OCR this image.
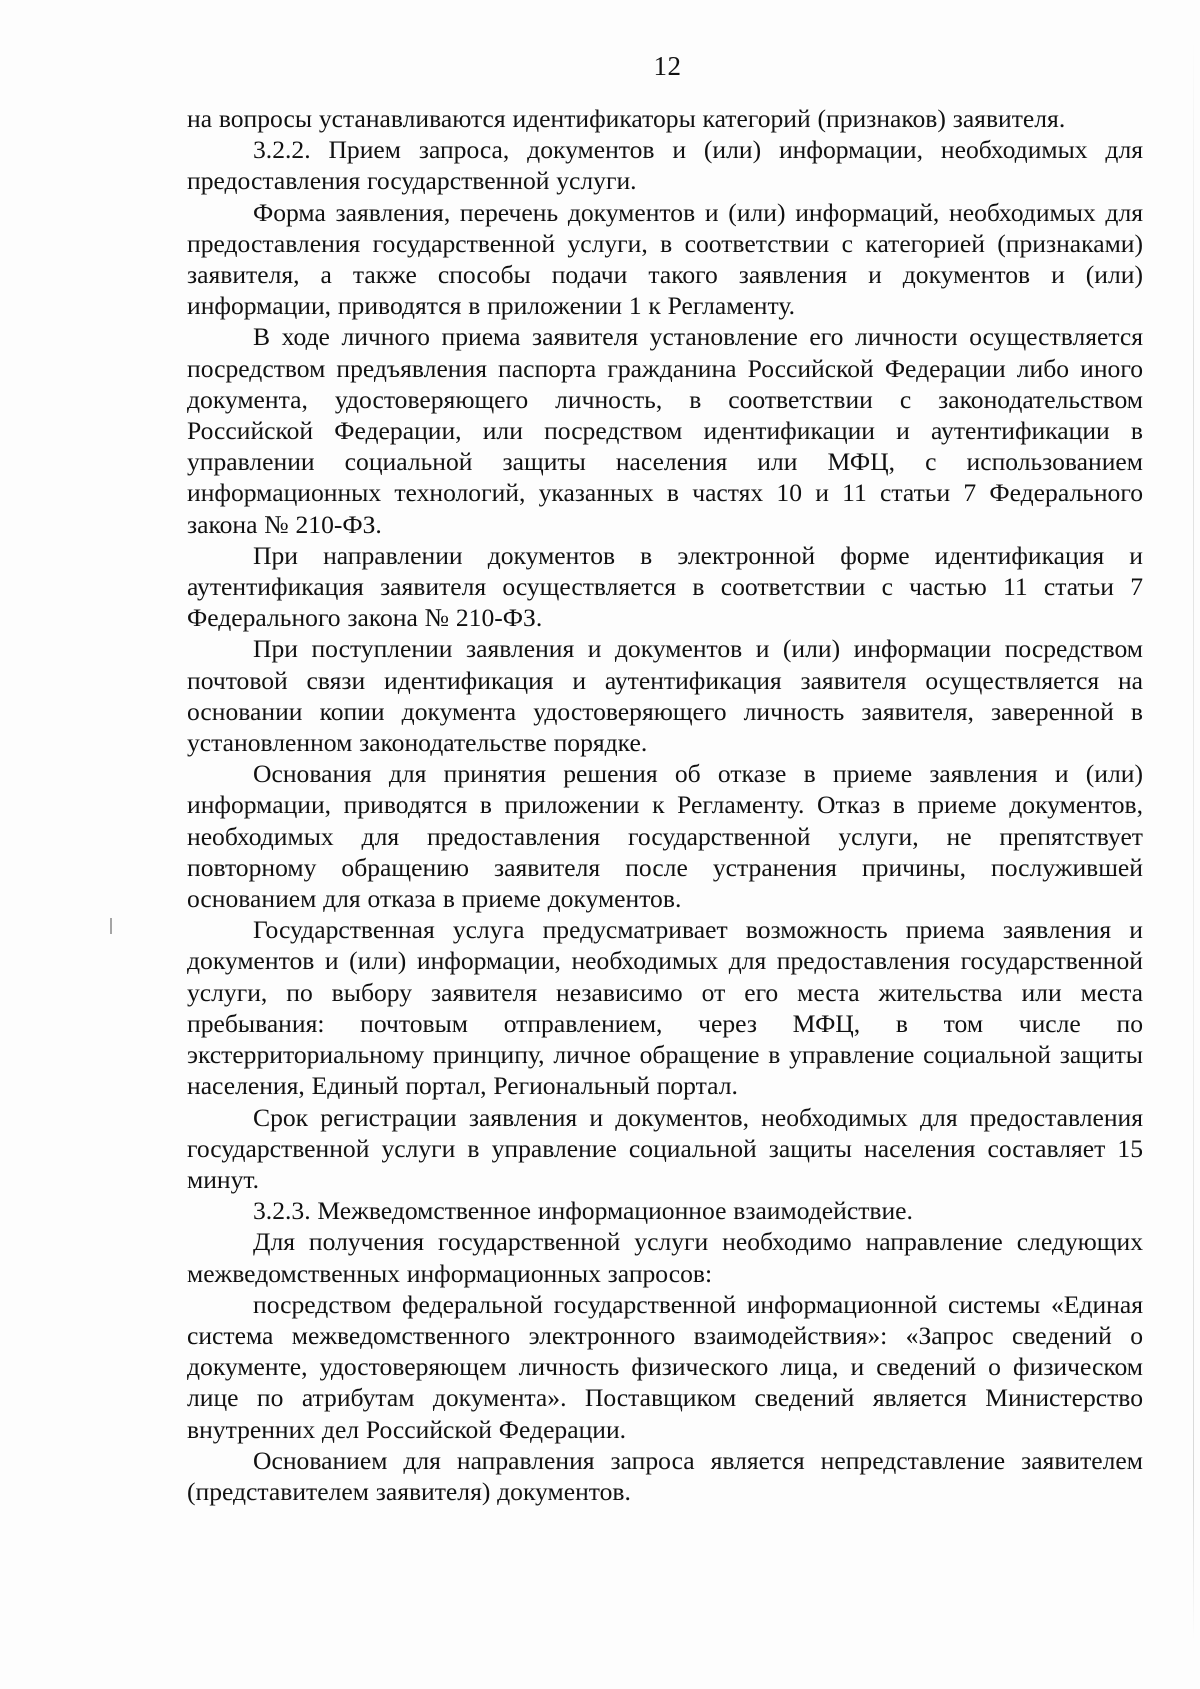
12

на вопросы устанавливаются идентификаторы категорий (признаков) заявителя.

3.2.2. Прием запроса, документов и (или) информации, необходимых для предоставления государственной услуги.

Форма заявления, перечень документов и (или) информаций, необходимых для предоставления государственной услуги, в соответствии с категорией (признаками) заявителя, а также способы подачи такого заявления и документов и (или) информации, приводятся в приложении 1 к Регламенту.

В ходе личного приема заявителя установление его личности осуществляется посредством предъявления паспорта гражданина Российской Федерации либо иного документа, удостоверяющего личность, в соответствии с законодательством Российской Федерации, или посредством идентификации и аутентификации в управлении социальной защиты населения или МФЦ, с использованием информационных технологий, указанных в частях 10 и 11 статьи 7 Федерального закона № 210-ФЗ.

При направлении документов в электронной форме идентификация и аутентификация заявителя осуществляется в соответствии с частью 11 статьи 7 Федерального закона № 210-ФЗ.

При поступлении заявления и документов и (или) информации посредством почтовой связи идентификация и аутентификация заявителя осуществляется на основании копии документа удостоверяющего личность заявителя, заверенной в установленном законодательстве порядке.

Основания для принятия решения об отказе в приеме заявления и (или) информации, приводятся в приложении к Регламенту. Отказ в приеме документов, необходимых для предоставления государственной услуги, не препятствует повторному обращению заявителя после устранения причины, послужившей основанием для отказа в приеме документов.

Государственная услуга предусматривает возможность приема заявления и документов и (или) информации, необходимых для предоставления государственной услуги, по выбору заявителя независимо от его места жительства или места пребывания: почтовым отправлением, через МФЦ, в том числе по экстерриториальному принципу, личное обращение в управление социальной защиты населения, Единый портал, Региональный портал.

Срок регистрации заявления и документов, необходимых для предоставления государственной услуги в управление социальной защиты населения составляет 15 минут.

3.2.3. Межведомственное информационное взаимодействие.

Для получения государственной услуги необходимо направление следующих межведомственных информационных запросов:

посредством федеральной государственной информационной системы «Единая система межведомственного электронного взаимодействия»: «Запрос сведений о документе, удостоверяющем личность физического лица, и сведений о физическом лице по атрибутам документа». Поставщиком сведений является Министерство внутренних дел Российской Федерации.

Основанием для направления запроса является непредставление заявителем (представителем заявителя) документов.
